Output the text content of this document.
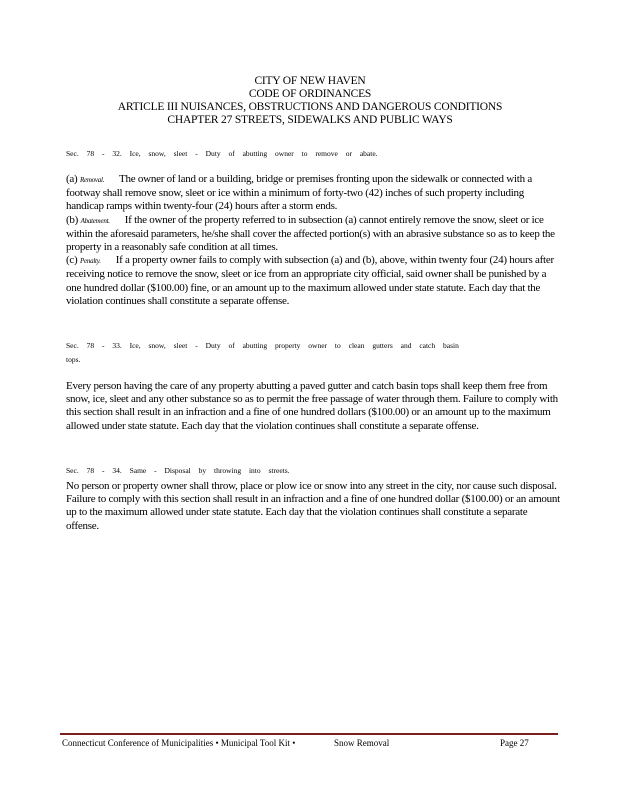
CITY OF NEW HAVEN
CODE OF ORDINANCES
ARTICLE III NUISANCES, OBSTRUCTIONS AND DANGEROUS CONDITIONS
CHAPTER 27 STREETS, SIDEWALKS AND PUBLIC WAYS
Sec. 78 - 32. Ice, snow, sleet - Duty of abutting owner to remove or abate.

(a) Removal. The owner of land or a building, bridge or premises fronting upon the sidewalk or connected with a footway shall remove snow, sleet or ice within a minimum of forty-two (42) inches of such property including handicap ramps within twenty-four (24) hours after a storm ends.

(b) Abatement. If the owner of the property referred to in subsection (a) cannot entirely remove the snow, sleet or ice within the aforesaid parameters, he/she shall cover the affected portion(s) with an abrasive substance so as to keep the property in a reasonably safe condition at all times.

(c) Penalty. If a property owner fails to comply with subsection (a) and (b), above, within twenty four (24) hours after receiving notice to remove the snow, sleet or ice from an appropriate city official, said owner shall be punished by a one hundred dollar ($100.00) fine, or an amount up to the maximum allowed under state statute. Each day that the violation continues shall constitute a separate offense.

Sec. 78 - 33. Ice, snow, sleet - Duty of abutting property owner to clean gutters and catch basin
tops.
Every person having the care of any property abutting a paved gutter and catch basin tops shall keep them free from snow, ice, sleet and any other substance so as to permit the free passage of water through them. Failure to comply with this section shall result in an infraction and a fine of one hundred dollars ($100.00) or an amount up to the maximum allowed under state statute. Each day that the violation continues shall constitute a separate offense.
Sec. 78 - 34. Same - Disposal by throwing into streets.
No person or property owner shall throw, place or plow ice or snow into any street in the city, nor cause such disposal. Failure to comply with this section shall result in an infraction and a fine of one hundred dollar ($100.00) or an amount up to the maximum allowed under state statute. Each day that the violation continues shall constitute a separate offense.
Connecticut Conference of Municipalities • Municipal Tool Kit •	Snow Removal	Page 27
